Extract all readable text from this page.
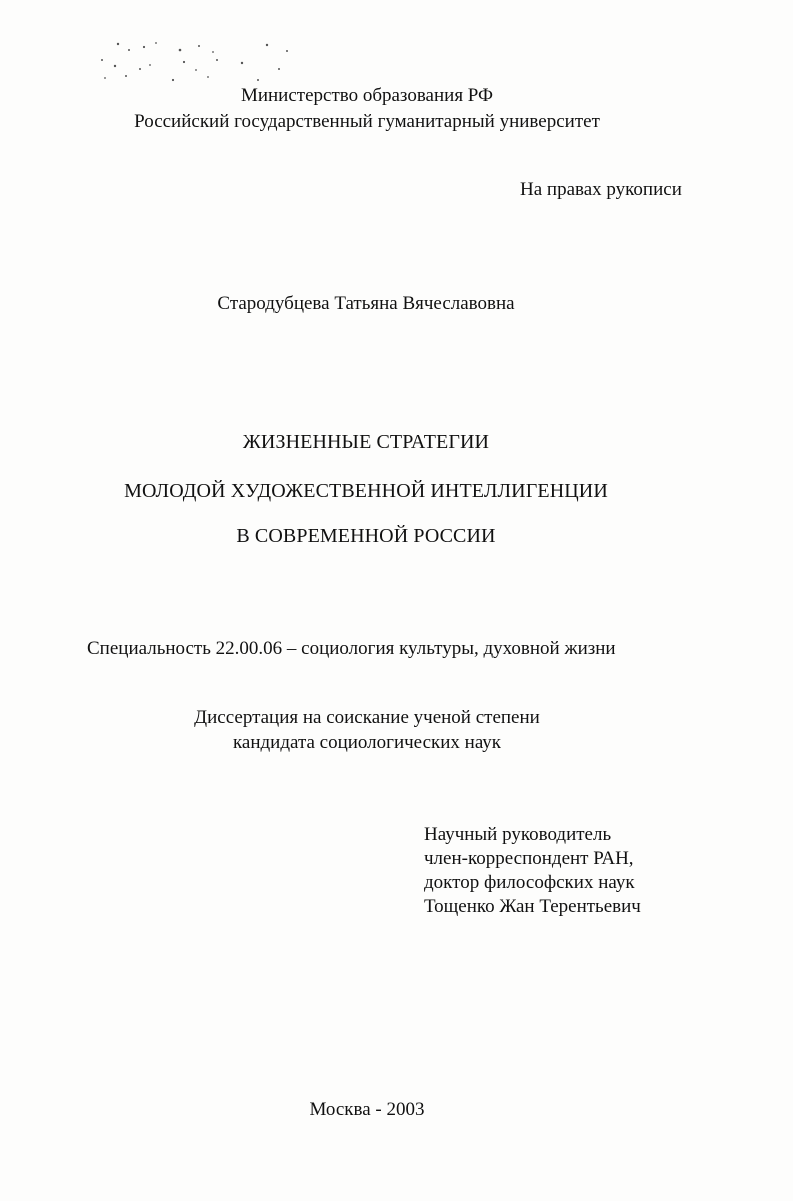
Министерство образования РФ
Российский государственный гуманитарный университет
На правах рукописи
Стародубцева Татьяна Вячеславовна
ЖИЗНЕННЫЕ СТРАТЕГИИ
МОЛОДОЙ ХУДОЖЕСТВЕННОЙ ИНТЕЛЛИГЕНЦИИ
В СОВРЕМЕННОЙ РОССИИ
Специальность 22.00.06 – социология культуры, духовной жизни
Диссертация на соискание ученой степени
кандидата социологических наук
Научный руководитель
член-корреспондент РАН,
доктор философских наук
Тощенко Жан Терентьевич
Москва - 2003
